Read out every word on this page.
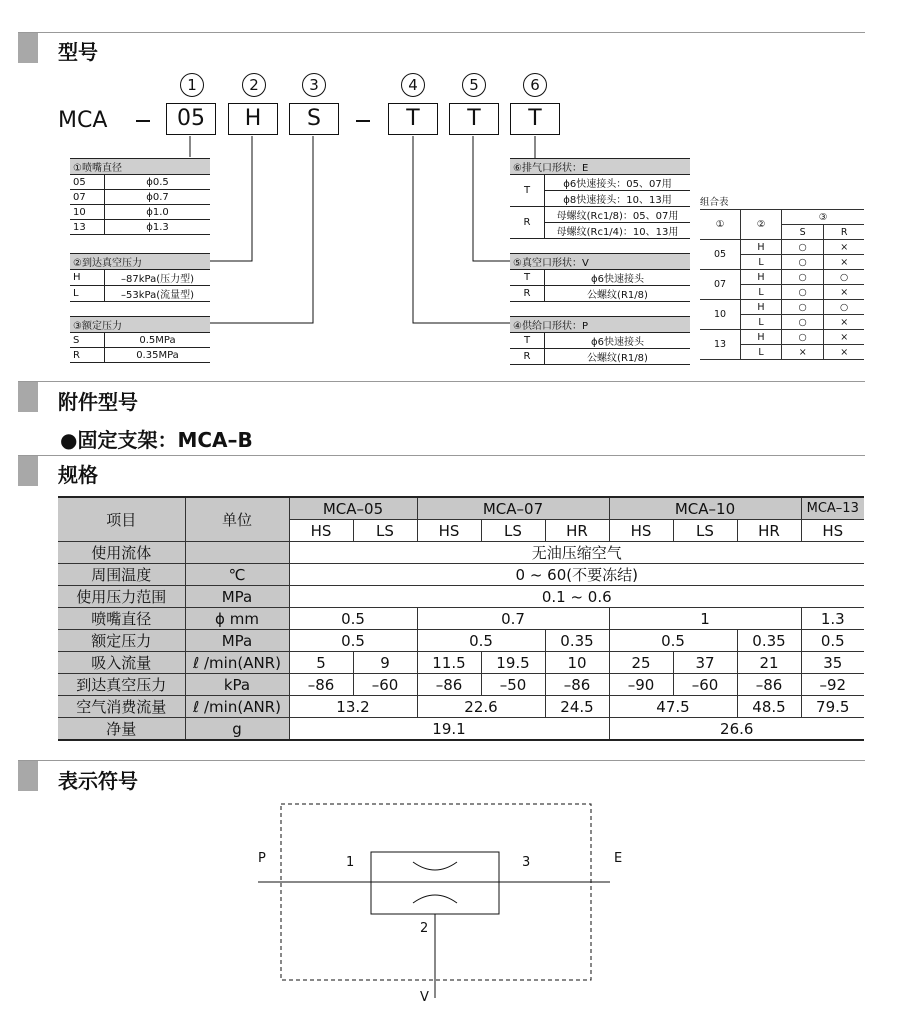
型号
MCA
1	2	3	4	5	6
05	H	S	T	T	T
①喷嘴直径	
05	ϕ0.5
07	ϕ0.7
10	ϕ1.0
13	ϕ1.3
②到达真空压力	
H	–87kPa(压力型)
L	–53kPa(流量型)
③额定压力	
S	0.5MPa
R	0.35MPa
⑥排气口形状：E	
T	ϕ6快速接头：05、07用
	ϕ8快速接头：10、13用
R	母螺纹(Rc1/8)：05、07用
	母螺纹(Rc1/4)：10、13用
⑤真空口形状：V	
T	ϕ6快速接头
R	公螺纹(R1/8)
④供给口形状：P	
T	ϕ6快速接头
R	公螺纹(R1/8)
组合表
①	②	③	
		S	R
05	H	○	×
	L	○	×
07	H	○	○
	L	○	×
10	H	○	○
	L	○	×
13	H	○	×
	L	×	×
附件型号
●固定支架：MCA–B
规格
项目	单位	MCA–05		MCA–07			MCA–10			MCA–13
		HS	LS	HS	LS	HR	HS	LS	HR	HS
使用流体		无油压缩空气								
周围温度	℃	0 ~ 60(不要冻结)								
使用压力范围	MPa	0.1 ~ 0.6								
喷嘴直径	ϕ mm	0.5		0.7			1			1.3
额定压力	MPa	0.5		0.5		0.35	0.5		0.35	0.5
吸入流量	ℓ /min(ANR)	5	9	11.5	19.5	10	25	37	21	35
到达真空压力	kPa	–86	–60	–86	–50	–86	–90	–60	–86	–92
空气消费流量	ℓ /min(ANR)	13.2		22.6		24.5	47.5		48.5	79.5
净量	g	19.1					26.6			
表示符号
P	1	3	E
2
V
